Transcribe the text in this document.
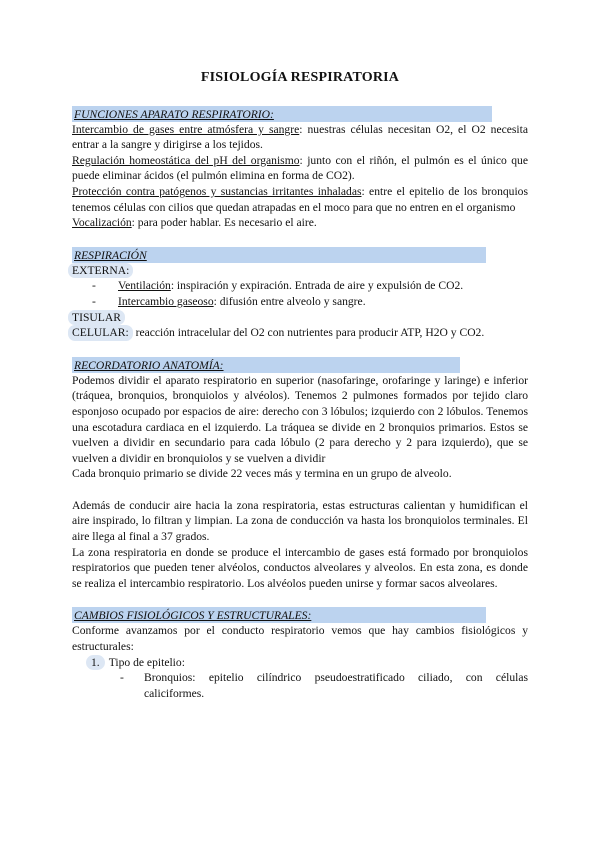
FISIOLOGÍA RESPIRATORIA
FUNCIONES APARATO RESPIRATORIO:

Intercambio de gases entre atmósfera y sangre: nuestras células necesitan O2, el O2 necesita entrar a la sangre y dirigirse a los tejidos.

Regulación homeostática del pH del organismo: junto con el riñón, el pulmón es el único que puede eliminar ácidos (el pulmón elimina en forma de CO2).

Protección contra patógenos y sustancias irritantes inhaladas: entre el epitelio de los bronquios tenemos células con cilios que quedan atrapadas en el moco para que no entren en el organismo

Vocalización: para poder hablar. Es necesario el aire.

RESPIRACIÓN

EXTERNA:

- Ventilación: inspiración y expiración. Entrada de aire y expulsión de CO2.
- Intercambio gaseoso: difusión entre alveolo y sangre.

TISULAR

CELULAR: reacción intracelular del O2 con nutrientes para producir ATP, H2O y CO2.

RECORDATORIO ANATOMÍA:

Podemos dividir el aparato respiratorio en superior (nasofaringe, orofaringe y laringe) e inferior (tráquea, bronquios, bronquiolos y alvéolos). Tenemos 2 pulmones formados por tejido claro esponjoso ocupado por espacios de aire: derecho con 3 lóbulos; izquierdo con 2 lóbulos. Tenemos una escotadura cardiaca en el izquierdo. La tráquea se divide en 2 bronquios primarios. Estos se vuelven a dividir en secundario para cada lóbulo (2 para derecho y 2 para izquierdo), que se vuelven a dividir en bronquiolos y se vuelven a dividir

Cada bronquio primario se divide 22 veces más y termina en un grupo de alveolo.

Además de conducir aire hacia la zona respiratoria, estas estructuras calientan y humidifican el aire inspirado, lo filtran y limpian. La zona de conducción va hasta los bronquiolos terminales. El aire llega al final a 37 grados.

La zona respiratoria en donde se produce el intercambio de gases está formado por bronquiolos respiratorios que pueden tener alvéolos, conductos alveolares y alveolos. En esta zona, es donde se realiza el intercambio respiratorio. Los alvéolos pueden unirse y formar sacos alveolares.

CAMBIOS FISIOLÓGICOS Y ESTRUCTURALES:

Conforme avanzamos por el conducto respiratorio vemos que hay cambios fisiológicos y estructurales:

1. Tipo de epitelio:
- Bronquios: epitelio cilíndrico pseudoestratificado ciliado, con células caliciformes.
